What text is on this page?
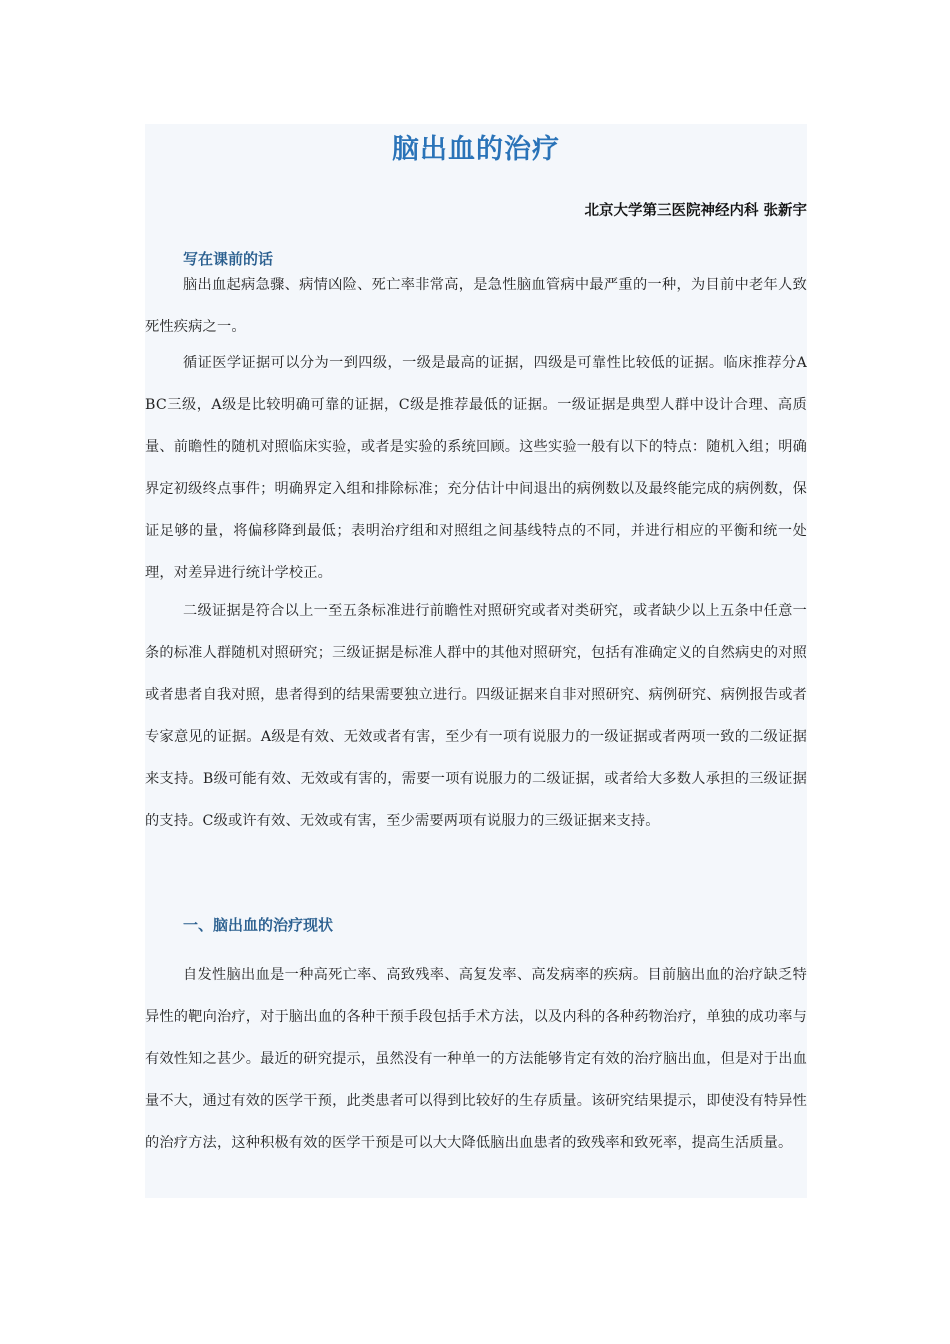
脑出血的治疗
北京大学第三医院神经内科 张新宇
写在课前的话

脑出血起病急骤、病情凶险、死亡率非常高，是急性脑血管病中最严重的一种，为目前中老年人致死性疾病之一。

循证医学证据可以分为一到四级，一级是最高的证据，四级是可靠性比较低的证据。临床推荐分ABC三级，A级是比较明确可靠的证据，C级是推荐最低的证据。一级证据是典型人群中设计合理、高质量、前瞻性的随机对照临床实验，或者是实验的系统回顾。这些实验一般有以下的特点：随机入组；明确界定初级终点事件；明确界定入组和排除标准；充分估计中间退出的病例数以及最终能完成的病例数，保证足够的量，将偏移降到最低；表明治疗组和对照组之间基线特点的不同，并进行相应的平衡和统一处理，对差异进行统计学校正。

二级证据是符合以上一至五条标准进行前瞻性对照研究或者对类研究，或者缺少以上五条中任意一条的标准人群随机对照研究；三级证据是标准人群中的其他对照研究，包括有准确定义的自然病史的对照或者患者自我对照，患者得到的结果需要独立进行。四级证据来自非对照研究、病例研究、病例报告或者专家意见的证据。A级是有效、无效或者有害，至少有一项有说服力的一级证据或者两项一致的二级证据来支持。B级可能有效、无效或有害的，需要一项有说服力的二级证据，或者给大多数人承担的三级证据的支持。C级或许有效、无效或有害，至少需要两项有说服力的三级证据来支持。

一、脑出血的治疗现状

自发性脑出血是一种高死亡率、高致残率、高复发率、高发病率的疾病。目前脑出血的治疗缺乏特异性的靶向治疗，对于脑出血的各种干预手段包括手术方法，以及内科的各种药物治疗，单独的成功率与有效性知之甚少。最近的研究提示，虽然没有一种单一的方法能够肯定有效的治疗脑出血，但是对于出血量不大，通过有效的医学干预，此类患者可以得到比较好的生存质量。该研究结果提示，即使没有特异性的治疗方法，这种积极有效的医学干预是可以大大降低脑出血患者的致残率和致死率，提高生活质量。
